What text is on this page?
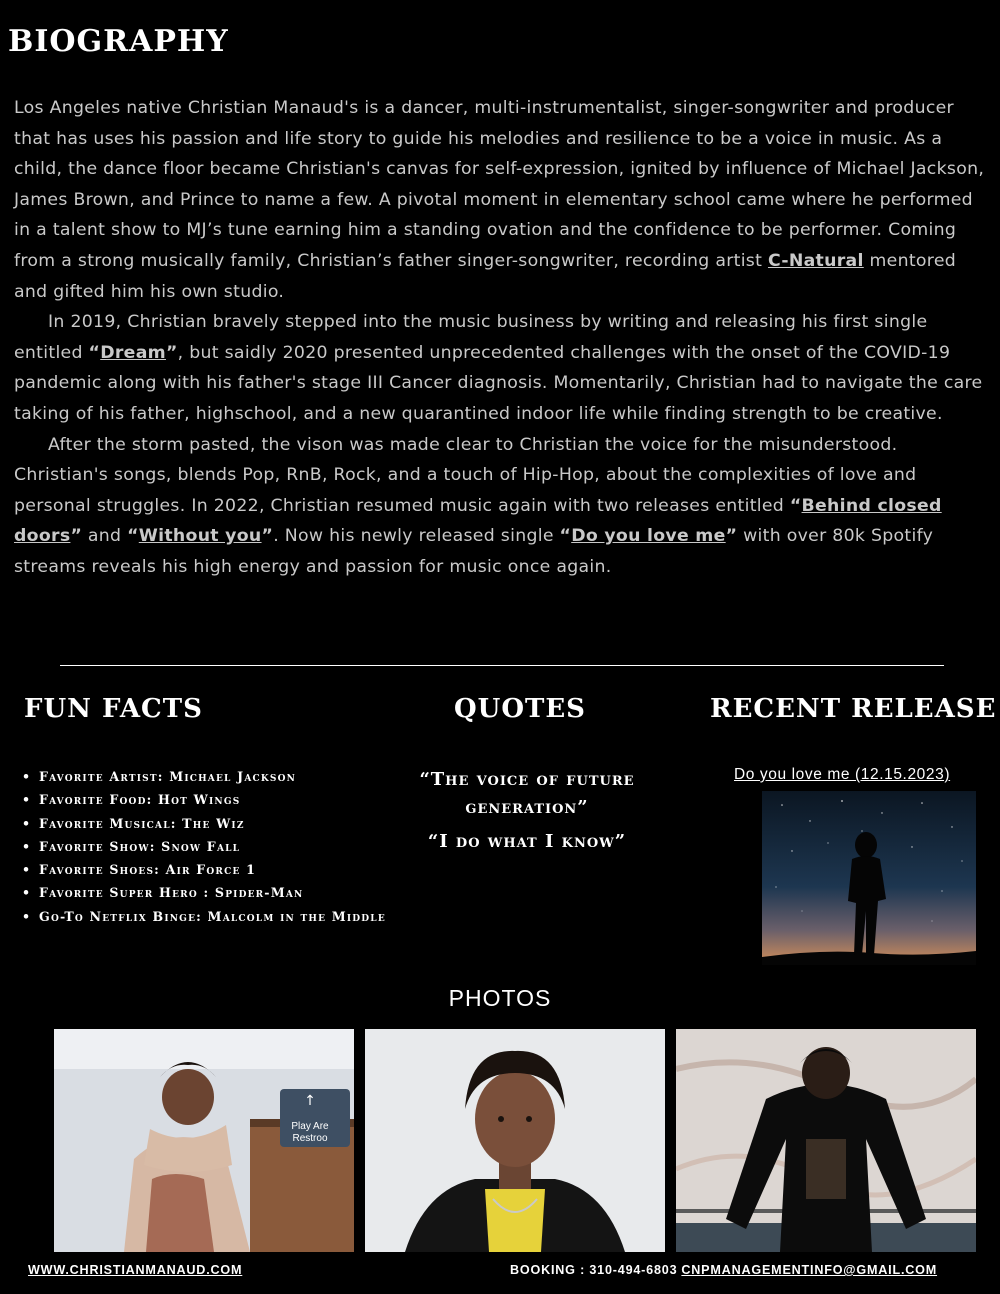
BIOGRAPHY

Los Angeles native Christian Manaud's is a dancer, multi-instrumentalist, singer-songwriter and producer that has uses his passion and life story to guide his melodies and resilience to be a voice in music. As a child, the dance floor became Christian's canvas for self-expression, ignited by influence of Michael Jackson, James Brown, and Prince to name a few. A pivotal moment in elementary school came where he performed in a talent show to MJ’s tune earning him a standing ovation and the confidence to be performer. Coming from a strong musically family, Christian’s father singer-songwriter, recording artist C-Natural mentored and gifted him his own studio.

In 2019, Christian bravely stepped into the music business by writing and releasing his first single entitled “Dream”, but saidly 2020 presented unprecedented challenges with the onset of the COVID-19 pandemic along with his father's stage III Cancer diagnosis. Momentarily, Christian had to navigate the care taking of his father, highschool, and a new quarantined indoor life while finding strength to be creative.

After the storm pasted, the vison was made clear to Christian the voice for the misunderstood. Christian's songs, blends Pop, RnB, Rock, and a touch of Hip-Hop, about the complexities of love and personal struggles. In 2022, Christian resumed music again with two releases entitled “Behind closed doors” and “Without you”. Now his newly released single “Do you love me” with over 80k Spotify streams reveals his high energy and passion for music once again.

FUN FACTS	QUOTES	RECENT RELEASE
• Favorite Artist: Michael Jackson
• Favorite Food: Hot Wings
• Favorite Musical: The Wiz
• Favorite Show: Snow Fall
• Favorite Shoes: Air Force 1
• Favorite Super Hero : Spider-Man
• Go-To Netflix Binge: Malcolm in the Middle
“The voice of future generation”
“I do what I know”
Do you love me (12.15.2023)
PHOTOS
↑
Play Are
Restroo

WWW.CHRISTIANMANAUD.COM	BOOKING : 310-494-6803 CNPMANAGEMENTINFO@GMAIL.COM
